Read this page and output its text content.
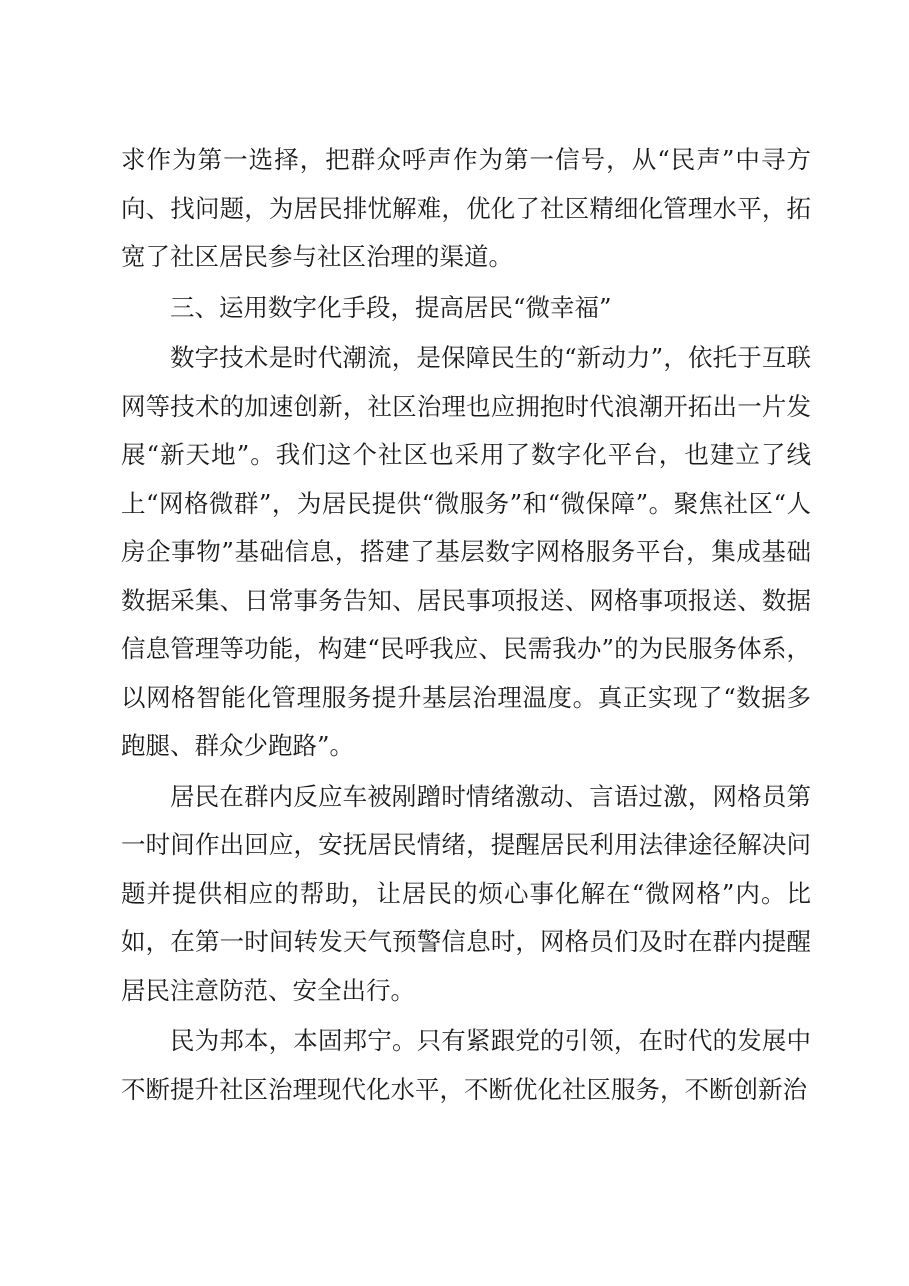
求作为第一选择，把群众呼声作为第一信号，从“民声”中寻方向、找问题，为居民排忧解难，优化了社区精细化管理水平，拓宽了社区居民参与社区治理的渠道。

三、运用数字化手段，提高居民“微幸福”

数字技术是时代潮流，是保障民生的“新动力”，依托于互联网等技术的加速创新，社区治理也应拥抱时代浪潮开拓出一片发展“新天地”。我们这个社区也采用了数字化平台，也建立了线上“网格微群”，为居民提供“微服务”和“微保障”。聚焦社区“人房企事物”基础信息，搭建了基层数字网格服务平台，集成基础数据采集、日常事务告知、居民事项报送、网格事项报送、数据信息管理等功能，构建“民呼我应、民需我办”的为民服务体系，以网格智能化管理服务提升基层治理温度。真正实现了“数据多跑腿、群众少跑路”。

居民在群内反应车被剐蹭时情绪激动、言语过激，网格员第一时间作出回应，安抚居民情绪，提醒居民利用法律途径解决问题并提供相应的帮助，让居民的烦心事化解在“微网格”内。比如，在第一时间转发天气预警信息时，网格员们及时在群内提醒居民注意防范、安全出行。

民为邦本，本固邦宁。只有紧跟党的引领，在时代的发展中不断提升社区治理现代化水平，不断优化社区服务，不断创新治
